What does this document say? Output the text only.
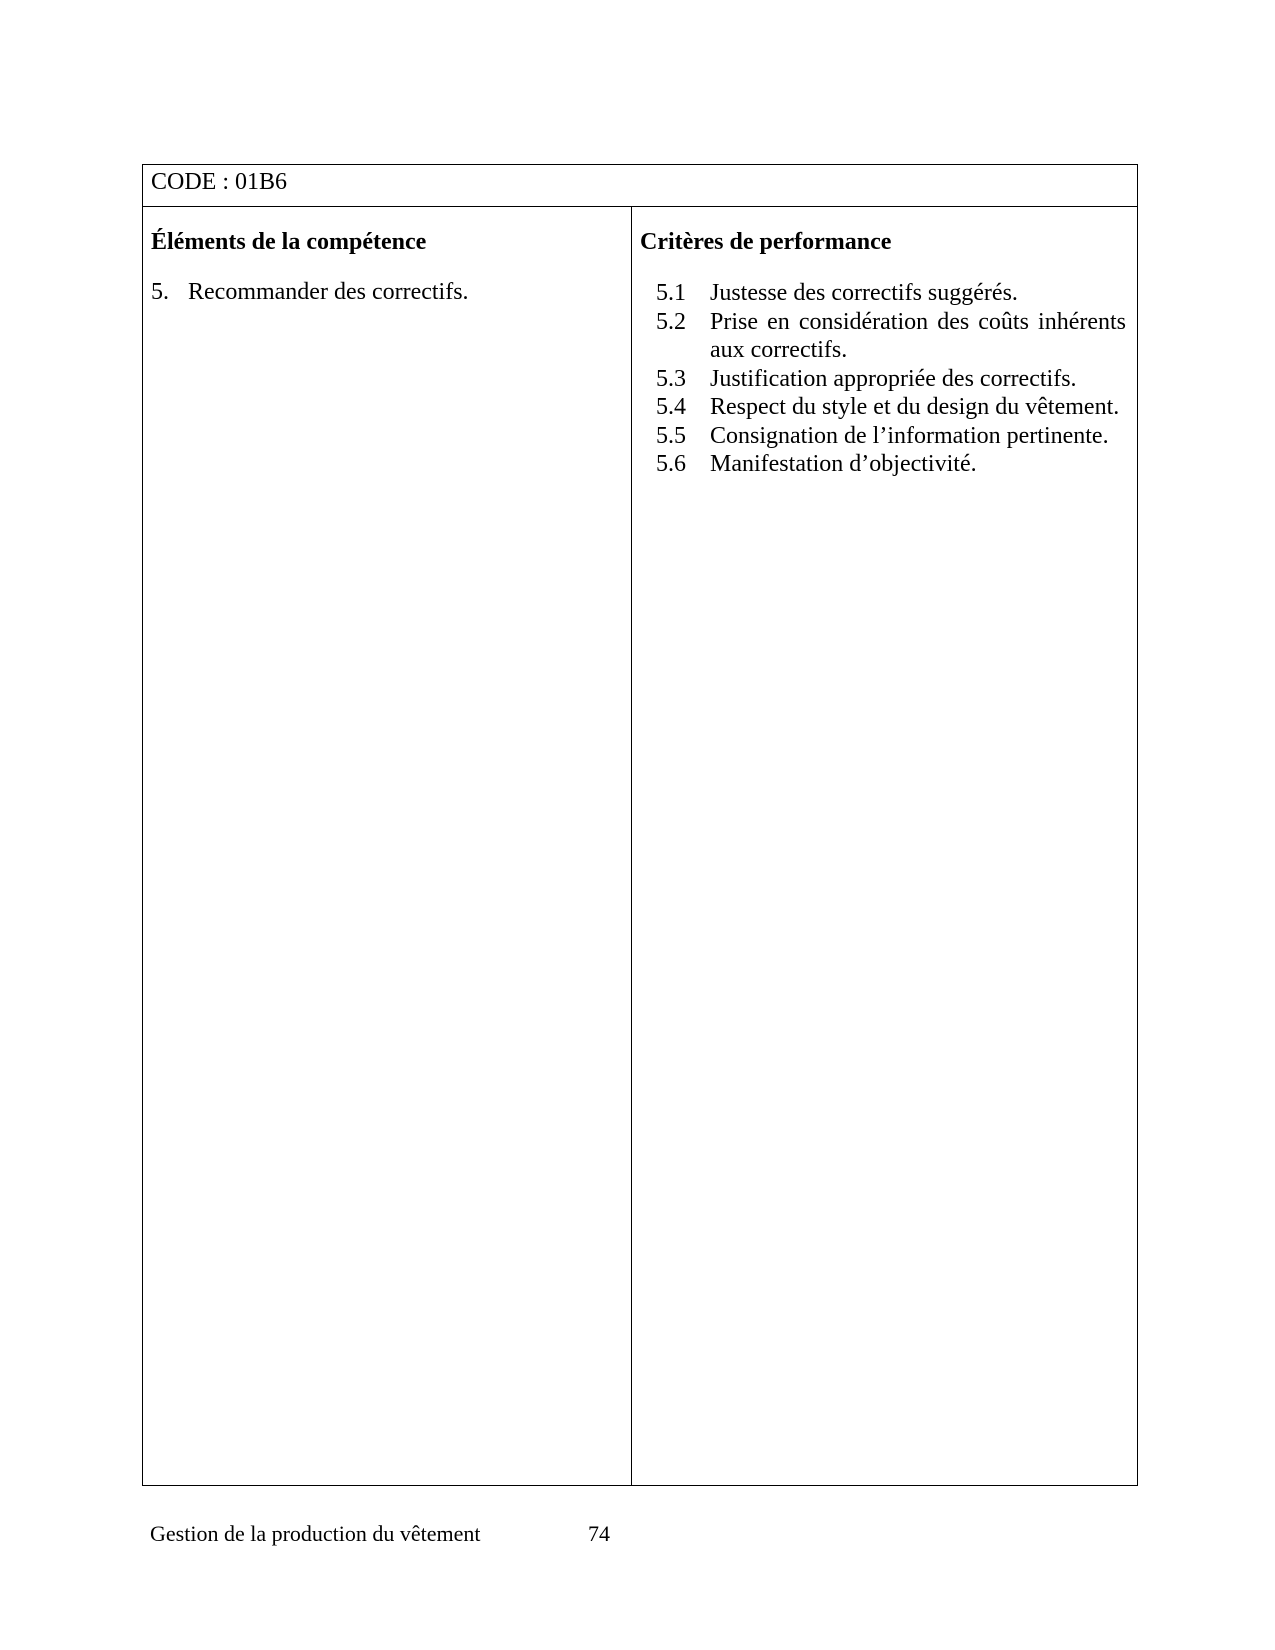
CODE : 01B6
Éléments de la compétence
5. Recommander des correctifs.
Critères de performance
5.1	Justesse des correctifs suggérés.
5.2	Prise en considération des coûts inhérents aux correctifs.
5.3	Justification appropriée des correctifs.
5.4	Respect du style et du design du vêtement.
5.5	Consignation de l’information pertinente.
5.6	Manifestation d’objectivité.
Gestion de la production du vêtement	74
